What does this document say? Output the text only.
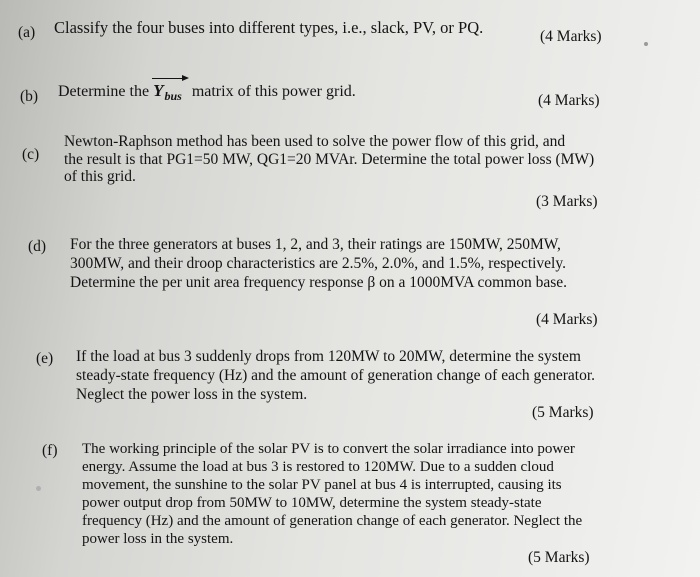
(a) Classify the four buses into different types, i.e., slack, PV, or PQ.	(4 Marks)
(b) Determine the $Y_{bus}$ matrix of this power grid.
(4 Marks)
(c)
Newton-Raphson method has been used to solve the power flow of this grid, and
the result is that PG1=50 MW, QG1=20 MVAr. Determine the total power loss (MW)
of this grid.
(3 Marks)
(d) For the three generators at buses 1, 2, and 3, their ratings are 150MW, 250MW,
300MW, and their droop characteristics are 2.5%, 2.0%, and 1.5%, respectively.
Determine the per unit area frequency response β on a 1000MVA common base.
(4 Marks)
(e) If the load at bus 3 suddenly drops from 120MW to 20MW, determine the system
steady-state frequency (Hz) and the amount of generation change of each generator.
Neglect the power loss in the system.
(5 Marks)
(f) The working principle of the solar PV is to convert the solar irradiance into power
energy. Assume the load at bus 3 is restored to 120MW. Due to a sudden cloud
movement, the sunshine to the solar PV panel at bus 4 is interrupted, causing its
power output drop from 50MW to 10MW, determine the system steady-state
frequency (Hz) and the amount of generation change of each generator. Neglect the
power loss in the system.
(5 Marks)
